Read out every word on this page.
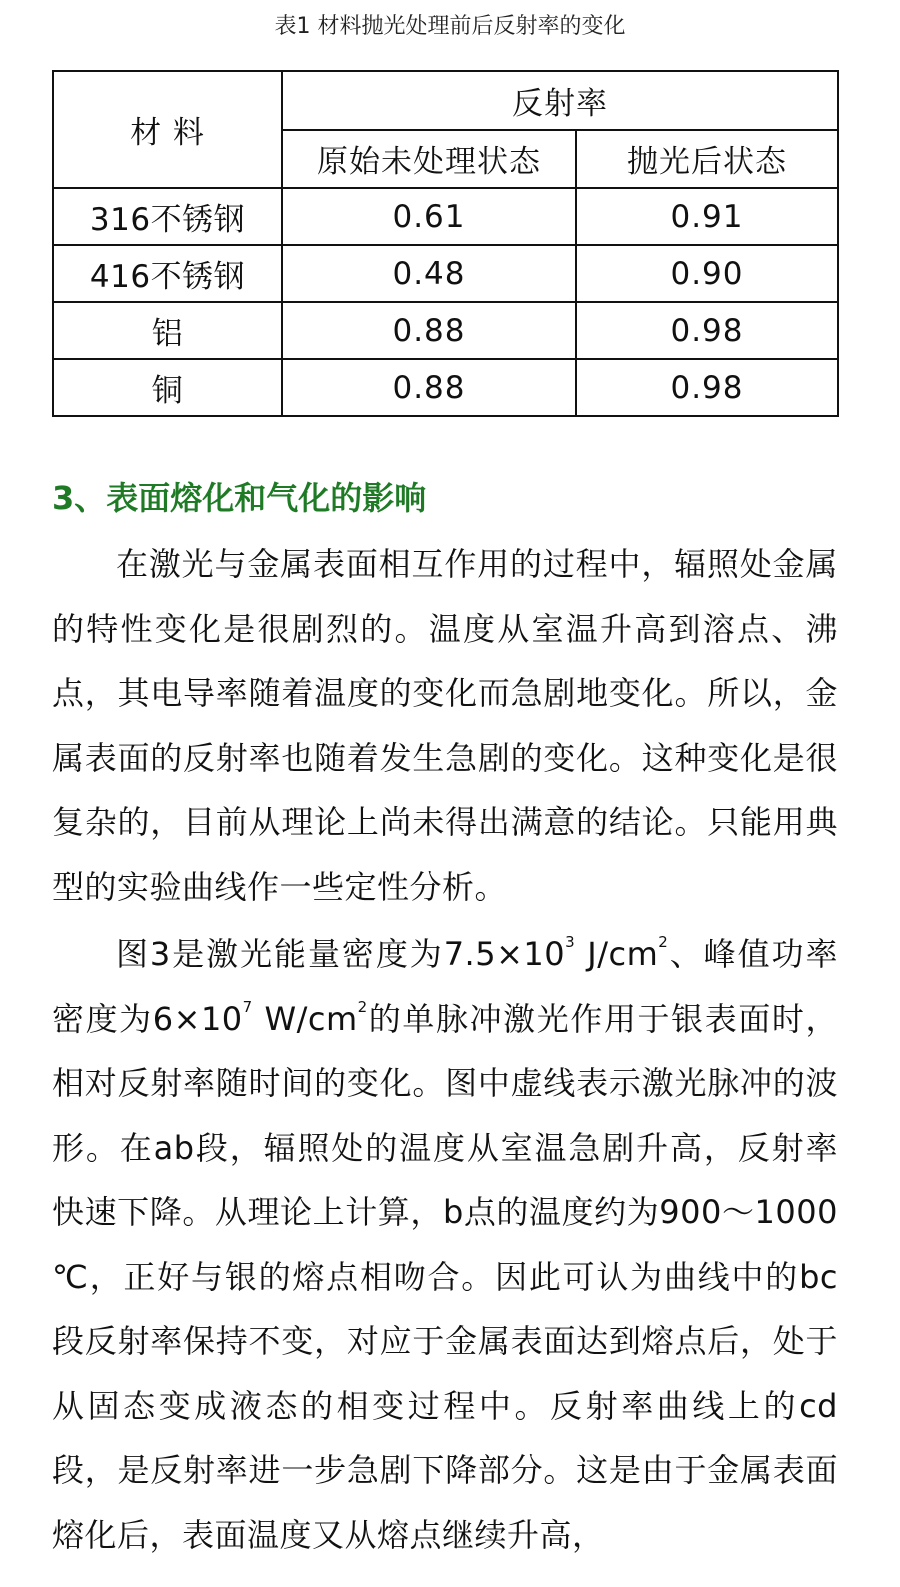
表1 材料抛光处理前后反射率的变化
材 料	反射率	
	原始未处理状态	抛光后状态
316不锈钢	0.61	0.91
416不锈钢	0.48	0.90
铝	0.88	0.98
铜	0.88	0.98
3、表面熔化和气化的影响

在激光与金属表面相互作用的过程中，辐照处金属的特性变化是很剧烈的。温度从室温升高到溶点、沸点，其电导率随着温度的变化而急剧地变化。所以，金属表面的反射率也随着发生急剧的变化。这种变化是很复杂的，目前从理论上尚未得出满意的结论。只能用典型的实验曲线作一些定性分析。

图3是激光能量密度为$7.5\times 10^3$ $J/cm^2$、峰值功率密度为$6\times 10^7$ $W/cm^2$的单脉冲激光作用于银表面时，相对反射率随时间的变化。图中虚线表示激光脉冲的波形。在ab段，辐照处的温度从室温急剧升高，反射率快速下降。从理论上计算，b点的温度约为900～1000 ℃，正好与银的熔点相吻合。因此可认为曲线中的bc段反射率保持不变，对应于金属表面达到熔点后，处于从固态变成液态的相变过程中。反射率曲线上的cd段，是反射率进一步急剧下降部分。这是由于金属表面熔化后，表面温度又从熔点继续升高，
